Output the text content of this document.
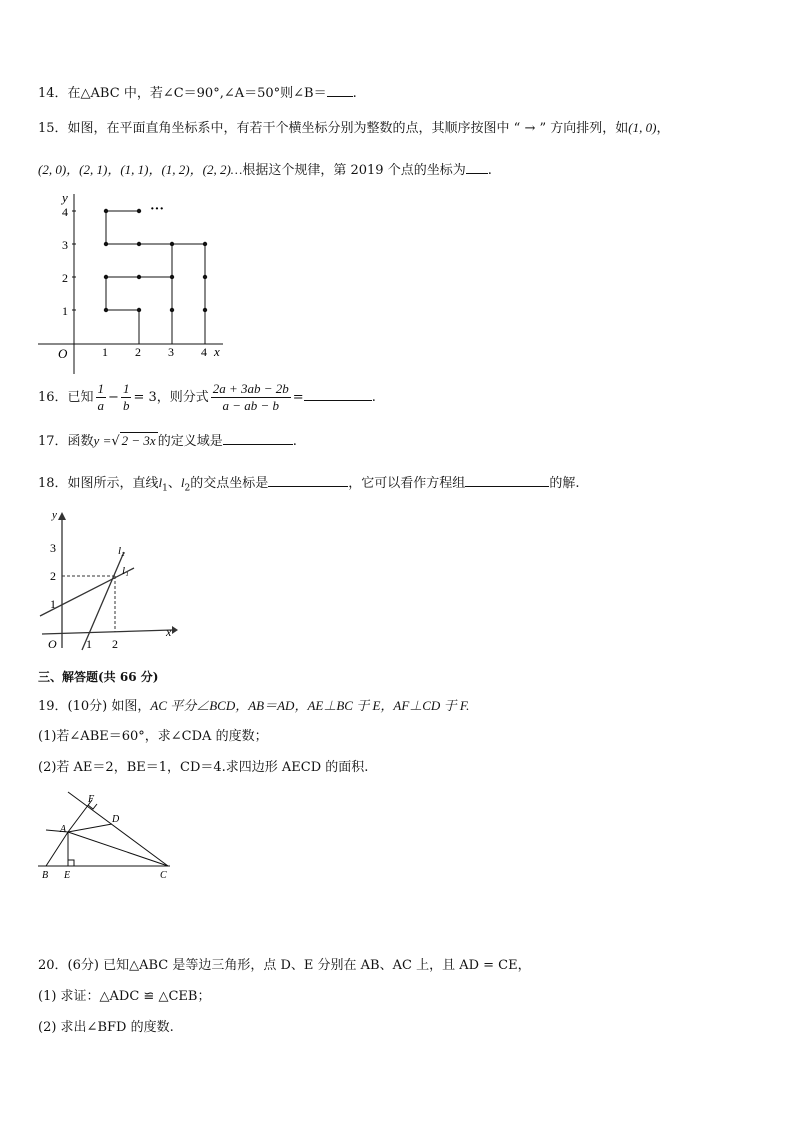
14．在△ABC 中，若∠C＝90°,∠A＝50°则∠B＝ .
15．如图，在平面直角坐标系中，有若干个横坐标分别为整数的点，其顺序按图中 “ → ” 方向排列，如(1, 0)，
(2, 0)，(2, 1)，(1, 1)，(1, 2)，(2, 2)…根据这个规律，第 2019 个点的坐标为 .
y
x
O	1 2 3 4
1
2
3
4	···
16．已知 $\frac{1}{a} - \frac{1}{b} = 3$，则分式 $\frac{2a + 3ab - 2b}{a - ab - b}$ =	.
17．函数y =√ 2 − 3x 的定义域是	.
18．如图所示，直线$l_1$、$l_2$的交点坐标是	，它可以看作方程组	的解.
y
x
O
3
2
1
1 2
l₂
l₁
三、解答题(共 66 分)
19．(10分) 如图，AC 平分∠BCD，AB＝AD，AE⊥BC 于 E，AF⊥CD 于 F.
(1)若∠ABE＝60°，求∠CDA 的度数；
(2)若 AE＝2，BE＝1，CD＝4.求四边形 AECD 的面积.
F
D
A
B E	C
20．(6分) 已知△ABC 是等边三角形，点 D、E 分别在 AB、AC 上，且 AD = CE，
(1) 求证：△ADC ≌ △CEB；
(2) 求出∠BFD 的度数.
